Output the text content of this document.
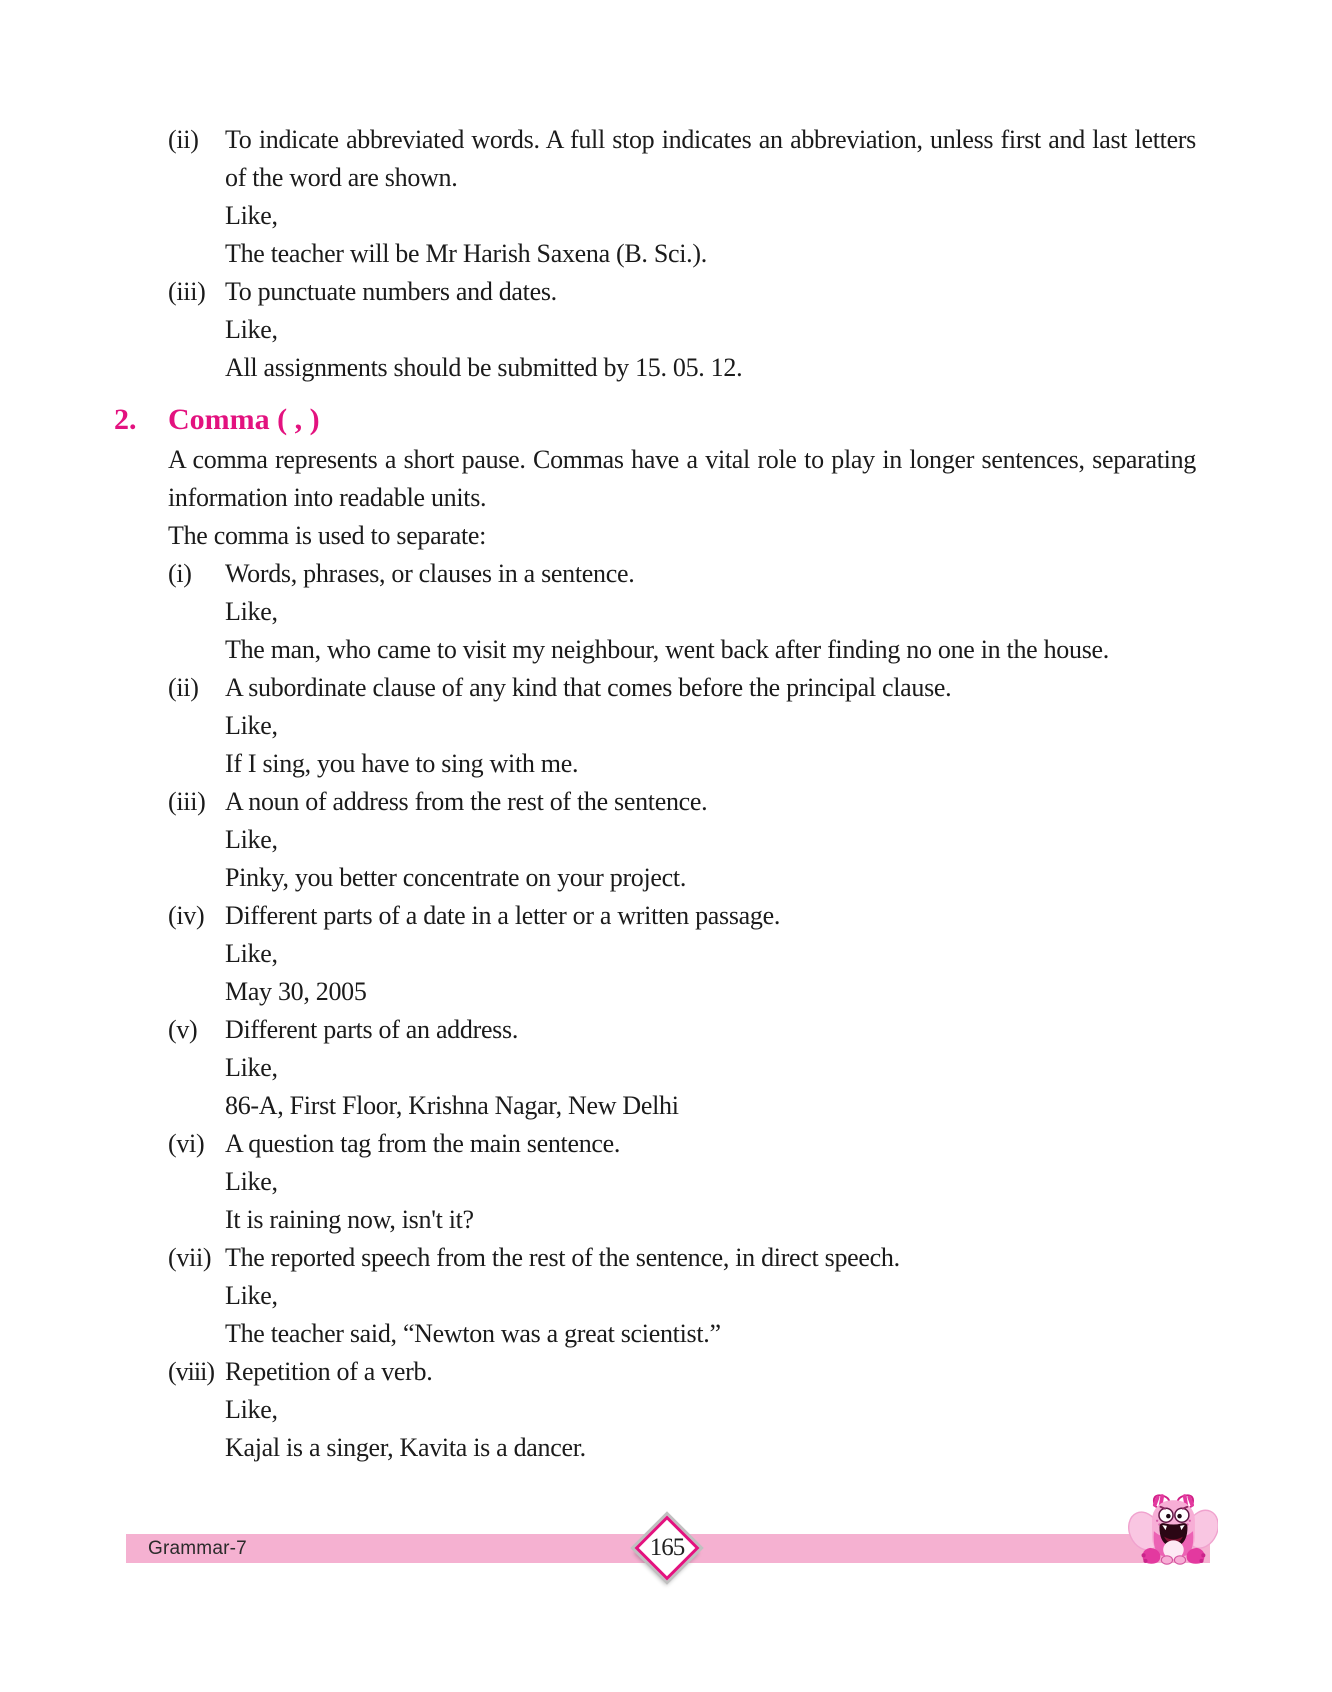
(ii)	To indicate abbreviated words. A full stop indicates an abbreviation, unless first and last letters of the word are shown.
Like,
The teacher will be Mr Harish Saxena (B. Sci.).
(iii) To punctuate numbers and dates.
Like,
All assignments should be submitted by 15. 05. 12.
2. Comma ( , )

A comma represents a short pause. Commas have a vital role to play in longer sentences, separating information into readable units.

The comma is used to separate:

(i)	Words, phrases, or clauses in a sentence.
Like,
The man, who came to visit my neighbour, went back after finding no one in the house.
(ii)	A subordinate clause of any kind that comes before the principal clause.
Like,
If I sing, you have to sing with me.
(iii) A noun of address from the rest of the sentence.
Like,
Pinky, you better concentrate on your project.
(iv) Different parts of a date in a letter or a written passage.
Like,
May 30, 2005
(v)	Different parts of an address.
Like,
86-A, First Floor, Krishna Nagar, New Delhi
(vi) A question tag from the main sentence.
Like,
It is raining now, isn't it?
(vii) The reported speech from the rest of the sentence, in direct speech.
Like,
The teacher said, “Newton was a great scientist.”
(viii) Repetition of a verb.
Like,
Kajal is a singer, Kavita is a dancer.
Grammar-7	165
